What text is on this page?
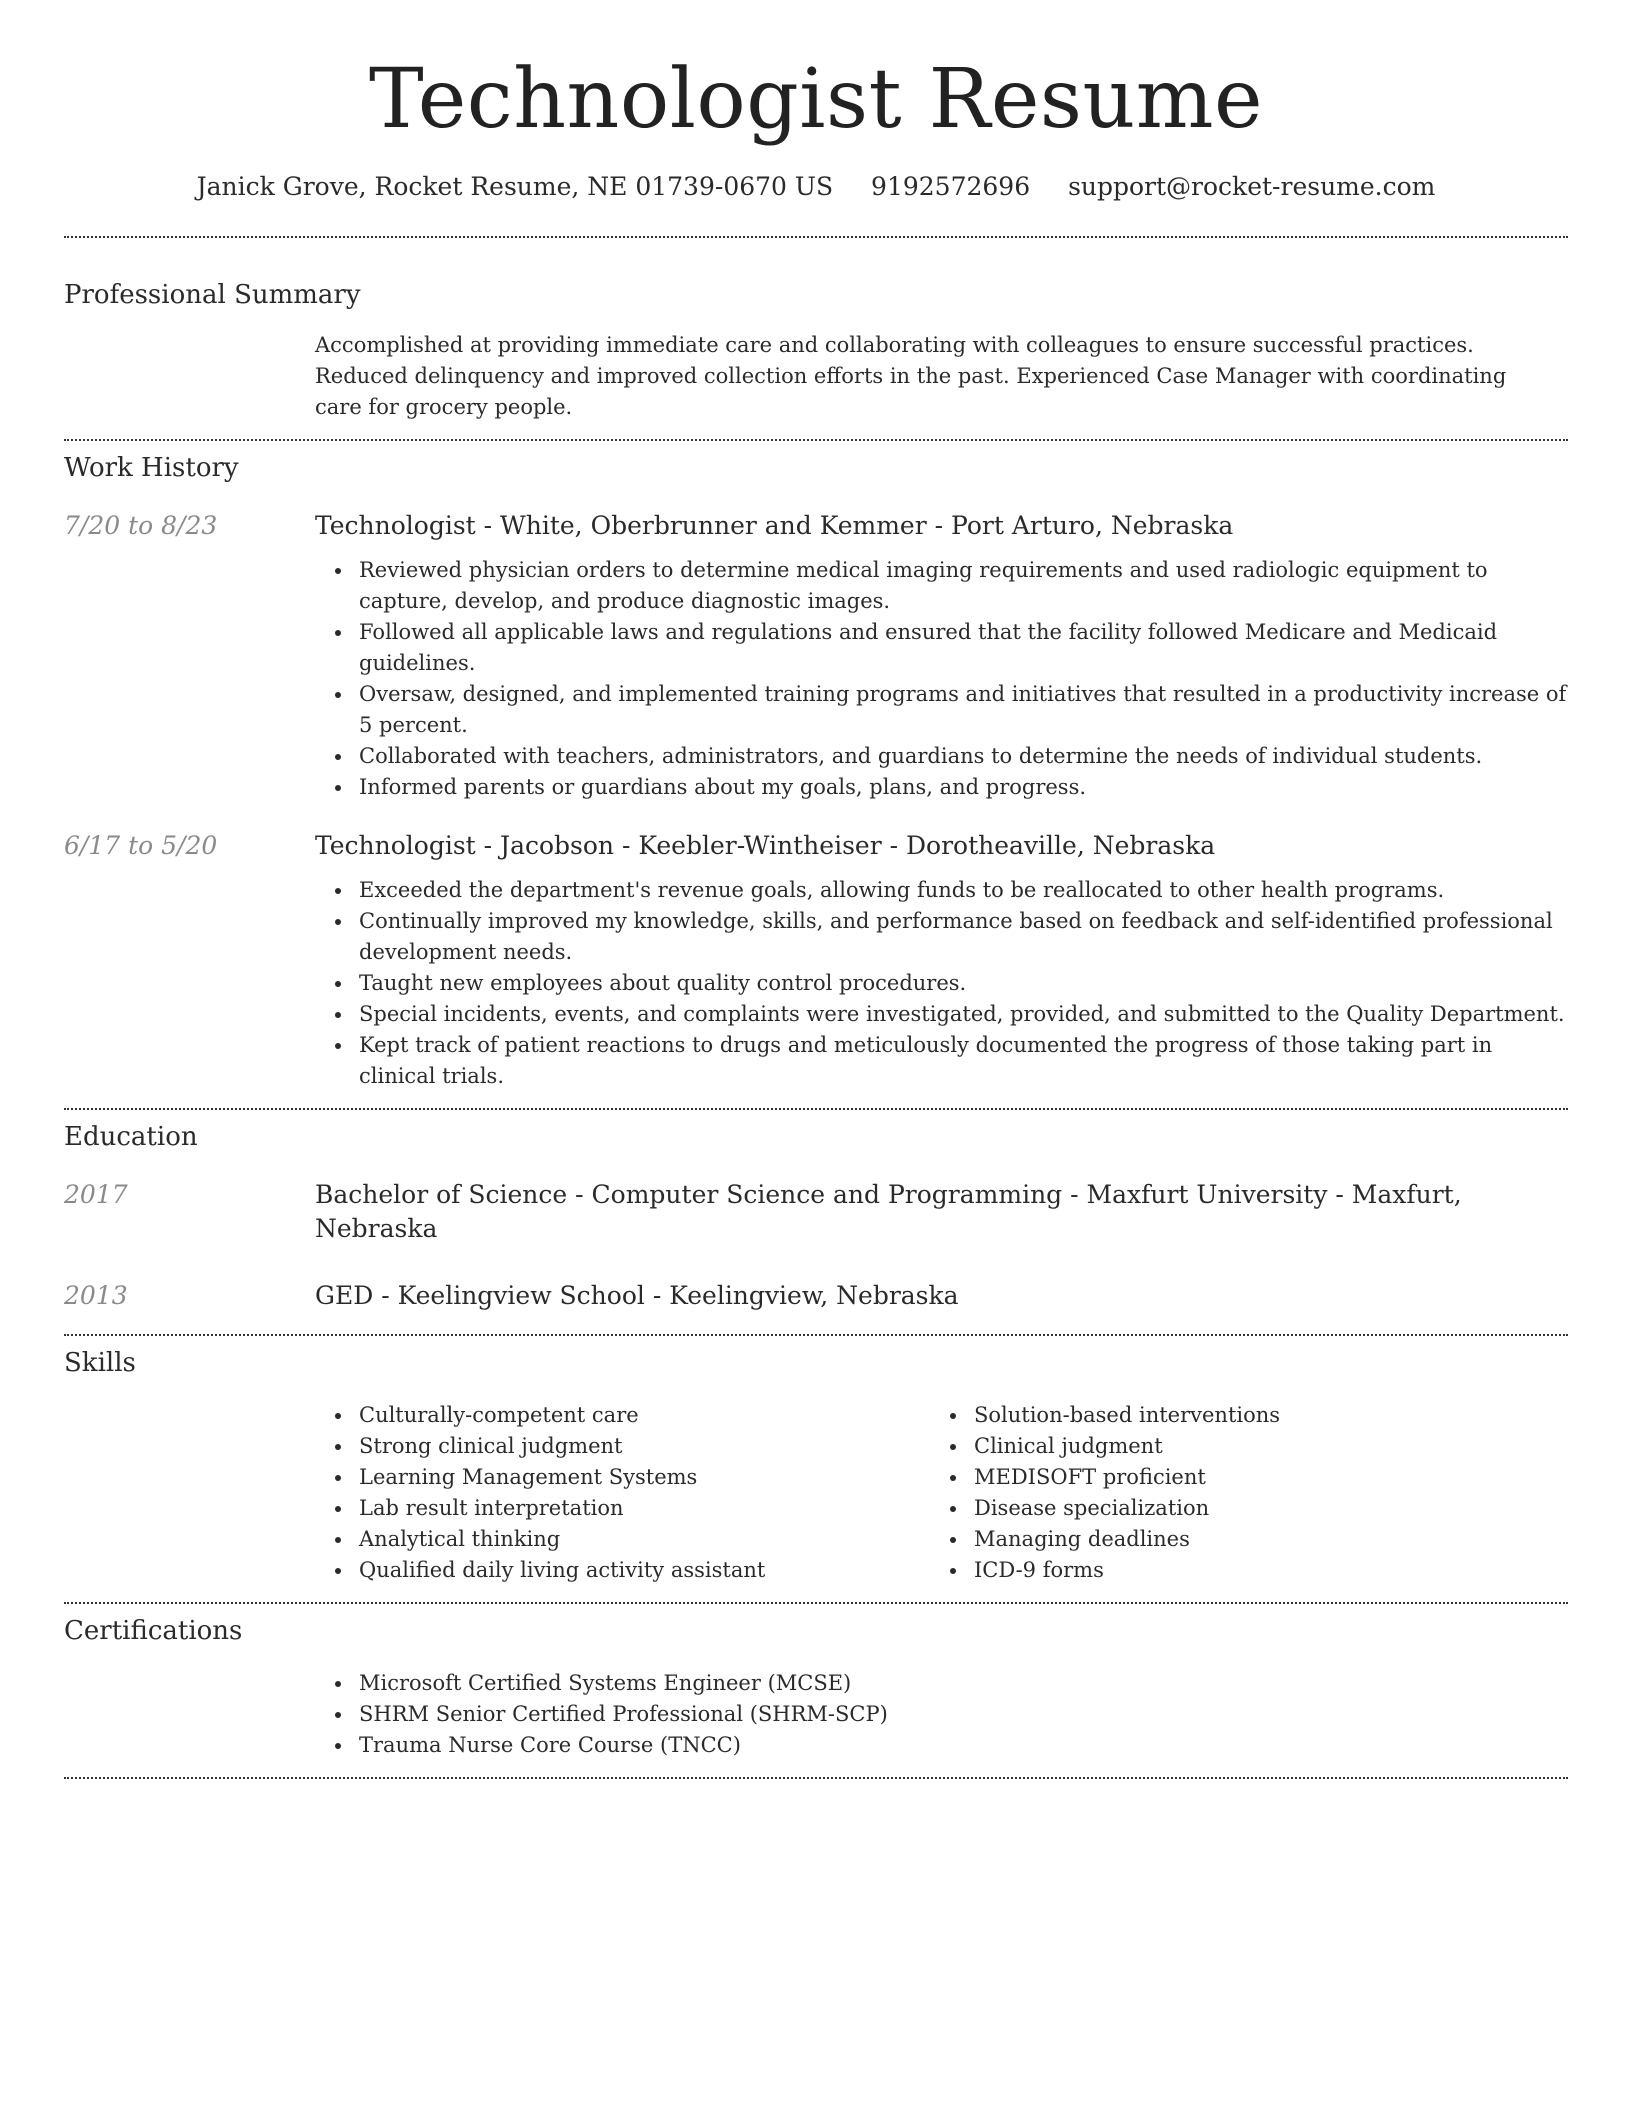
Technologist Resume
Janick Grove, Rocket Resume, NE 01739-0670 US 9192572696 support@rocket-resume.com
Professional Summary

Accomplished at providing immediate care and collaborating with colleagues to ensure successful practices. Reduced delinquency and improved collection efforts in the past. Experienced Case Manager with coordinating care for grocery people.

Work History
7/20 to 8/23	Technologist - White, Oberbrunner and Kemmer - Port Arturo, Nebraska
Reviewed physician orders to determine medical imaging requirements and used radiologic equipment to capture, develop, and produce diagnostic images.
Followed all applicable laws and regulations and ensured that the facility followed Medicare and Medicaid guidelines.
Oversaw, designed, and implemented training programs and initiatives that resulted in a productivity increase of 5 percent.
Collaborated with teachers, administrators, and guardians to determine the needs of individual students.
Informed parents or guardians about my goals, plans, and progress.
6/17 to 5/20	Technologist - Jacobson - Keebler-Wintheiser - Dorotheaville, Nebraska
Exceeded the department's revenue goals, allowing funds to be reallocated to other health programs.
Continually improved my knowledge, skills, and performance based on feedback and self-identified professional development needs.
Taught new employees about quality control procedures.
Special incidents, events, and complaints were investigated, provided, and submitted to the Quality Department.
Kept track of patient reactions to drugs and meticulously documented the progress of those taking part in clinical trials.
Education
2017	Bachelor of Science - Computer Science and Programming - Maxfurt University - Maxfurt, Nebraska
2013	GED - Keelingview School - Keelingview, Nebraska
Skills
Culturally-competent care
Strong clinical judgment
Learning Management Systems
Lab result interpretation
Analytical thinking
Qualified daily living activity assistant
Solution-based interventions
Clinical judgment
MEDISOFT proficient
Disease specialization
Managing deadlines
ICD-9 forms
Certifications
Microsoft Certified Systems Engineer (MCSE)
SHRM Senior Certified Professional (SHRM-SCP)
Trauma Nurse Core Course (TNCC)
